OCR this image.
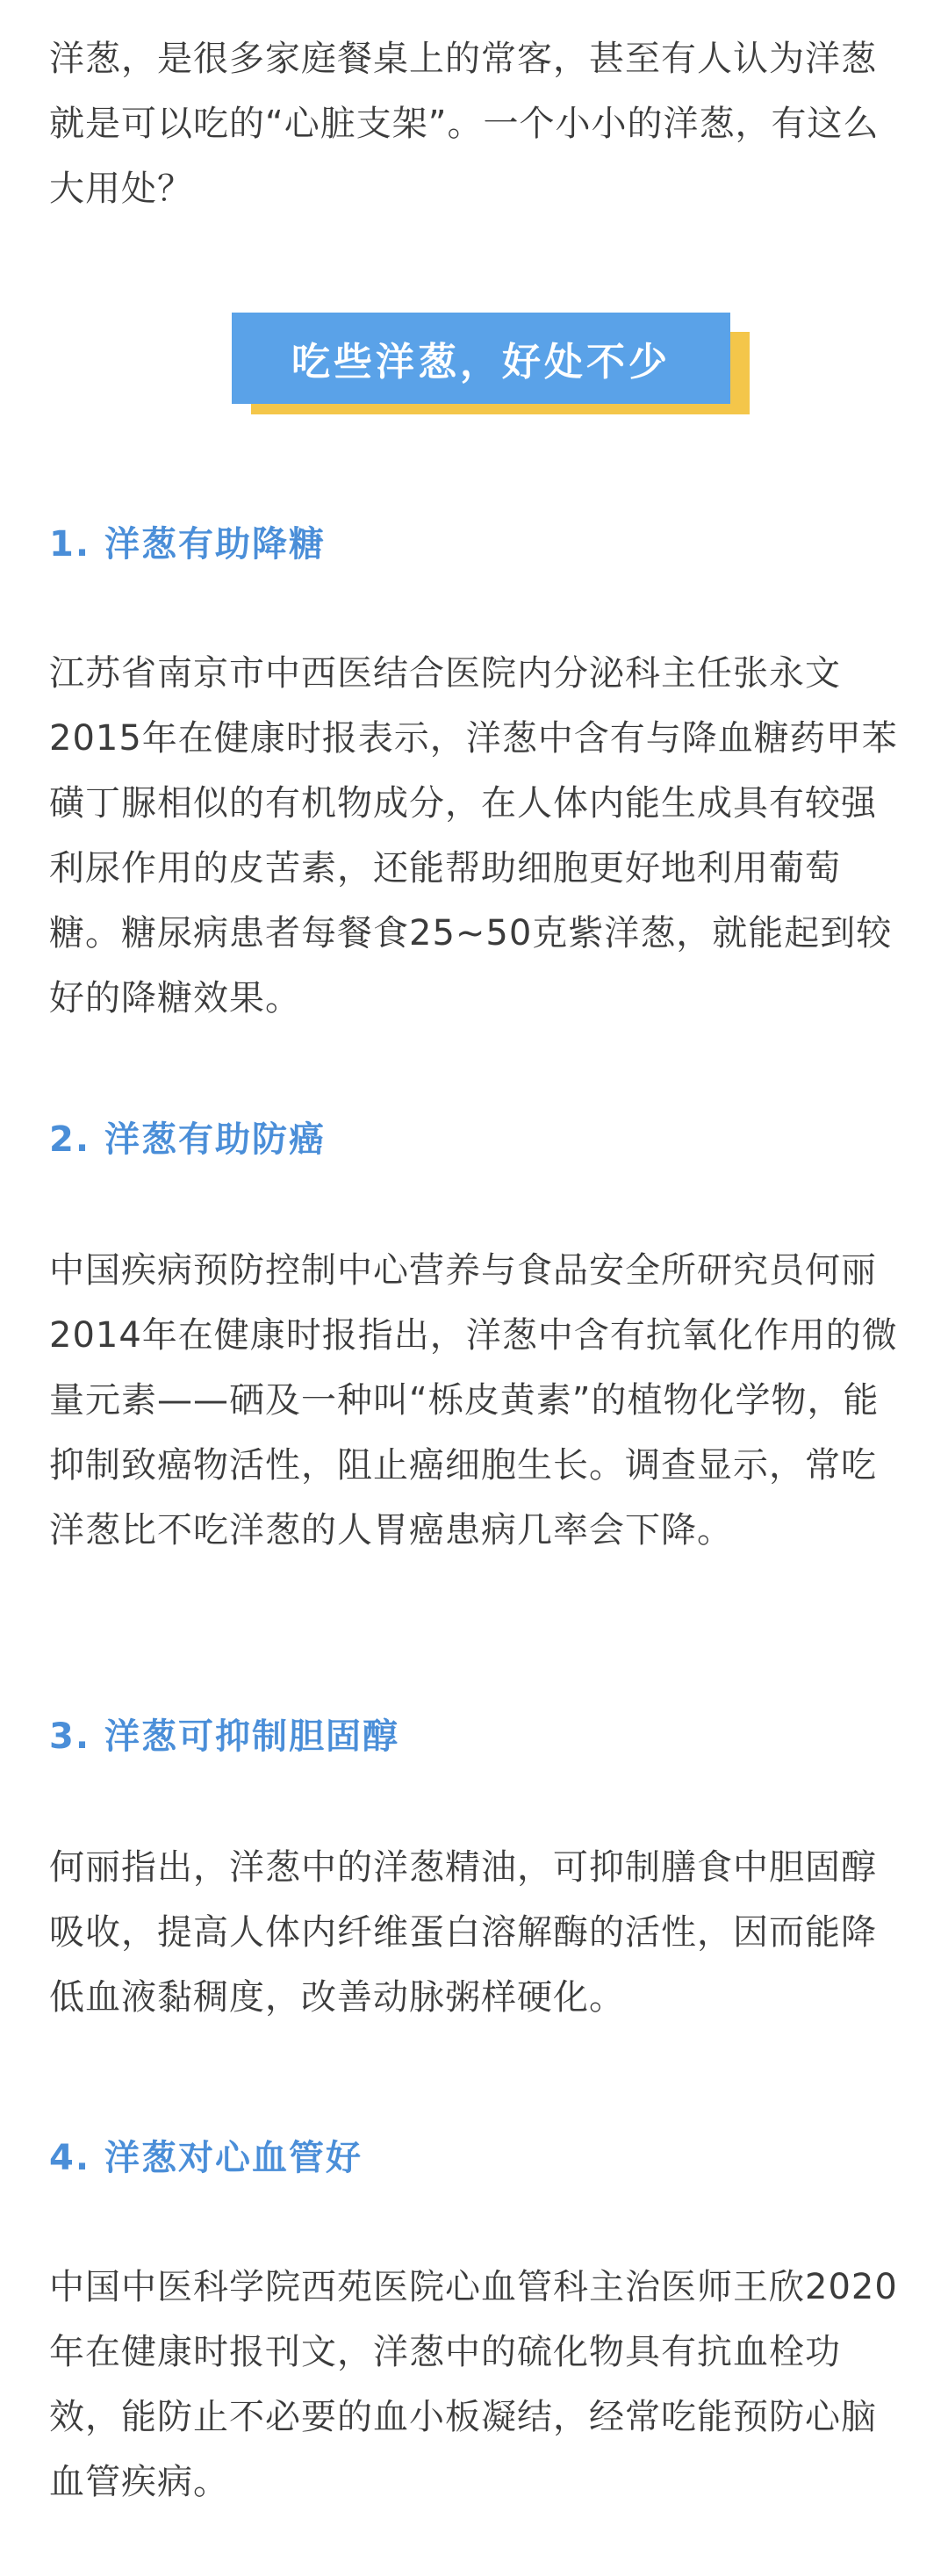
洋葱，是很多家庭餐桌上的常客，甚至有人认为洋葱就是可以吃的“心脏支架”。一个小小的洋葱，有这么大用处？

吃些洋葱，好处不少
1. 洋葱有助降糖

江苏省南京市中西医结合医院内分泌科主任张永文2015年在健康时报表示，洋葱中含有与降血糖药甲苯磺丁脲相似的有机物成分，在人体内能生成具有较强利尿作用的皮苦素，还能帮助细胞更好地利用葡萄糖。糖尿病患者每餐食25~50克紫洋葱，就能起到较好的降糖效果。

2. 洋葱有助防癌

中国疾病预防控制中心营养与食品安全所研究员何丽2014年在健康时报指出，洋葱中含有抗氧化作用的微量元素——硒及一种叫“栎皮黄素”的植物化学物，能抑制致癌物活性，阻止癌细胞生长。调查显示，常吃洋葱比不吃洋葱的人胃癌患病几率会下降。

3. 洋葱可抑制胆固醇

何丽指出，洋葱中的洋葱精油，可抑制膳食中胆固醇吸收，提高人体内纤维蛋白溶解酶的活性，因而能降低血液黏稠度，改善动脉粥样硬化。

4. 洋葱对心血管好

中国中医科学院西苑医院心血管科主治医师王欣2020年在健康时报刊文，洋葱中的硫化物具有抗血栓功效，能防止不必要的血小板凝结，经常吃能预防心脑血管疾病。
